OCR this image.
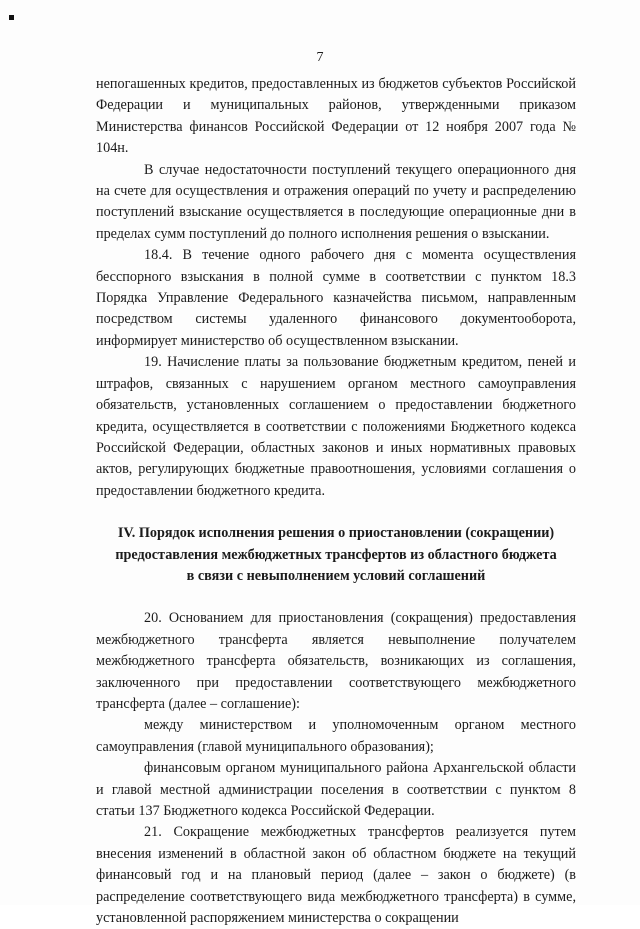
7

непогашенных кредитов, предоставленных из бюджетов субъектов Российской Федерации и муниципальных районов, утвержденными приказом Министерства финансов Российской Федерации от 12 ноября 2007 года № 104н.

В случае недостаточности поступлений текущего операционного дня на счете для осуществления и отражения операций по учету и распределению поступлений взыскание осуществляется в последующие операционные дни в пределах сумм поступлений до полного исполнения решения о взыскании.

18.4. В течение одного рабочего дня с момента осуществления бесспорного взыскания в полной сумме в соответствии с пунктом 18.3 Порядка Управление Федерального казначейства письмом, направленным посредством системы удаленного финансового документооборота, информирует министерство об осуществленном взыскании.

19. Начисление платы за пользование бюджетным кредитом, пеней и штрафов, связанных с нарушением органом местного самоуправления обязательств, установленных соглашением о предоставлении бюджетного кредита, осуществляется в соответствии с положениями Бюджетного кодекса Российской Федерации, областных законов и иных нормативных правовых актов, регулирующих бюджетные правоотношения, условиями соглашения о предоставлении бюджетного кредита.

IV. Порядок исполнения решения о приостановлении (сокращении)
предоставления межбюджетных трансфертов из областного бюджета
в связи с невыполнением условий соглашений

20. Основанием для приостановления (сокращения) предоставления межбюджетного трансферта является невыполнение получателем межбюджетного трансферта обязательств, возникающих из соглашения, заключенного при предоставлении соответствующего межбюджетного трансферта (далее – соглашение):

между министерством и уполномоченным органом местного самоуправления (главой муниципального образования);

финансовым органом муниципального района Архангельской области и главой местной администрации поселения в соответствии с пунктом 8 статьи 137 Бюджетного кодекса Российской Федерации.

21. Сокращение межбюджетных трансфертов реализуется путем внесения изменений в областной закон об областном бюджете на текущий финансовый год и на плановый период (далее – закон о бюджете) (в распределение соответствующего вида межбюджетного трансферта) в сумме, установленной распоряжением министерства о сокращении
